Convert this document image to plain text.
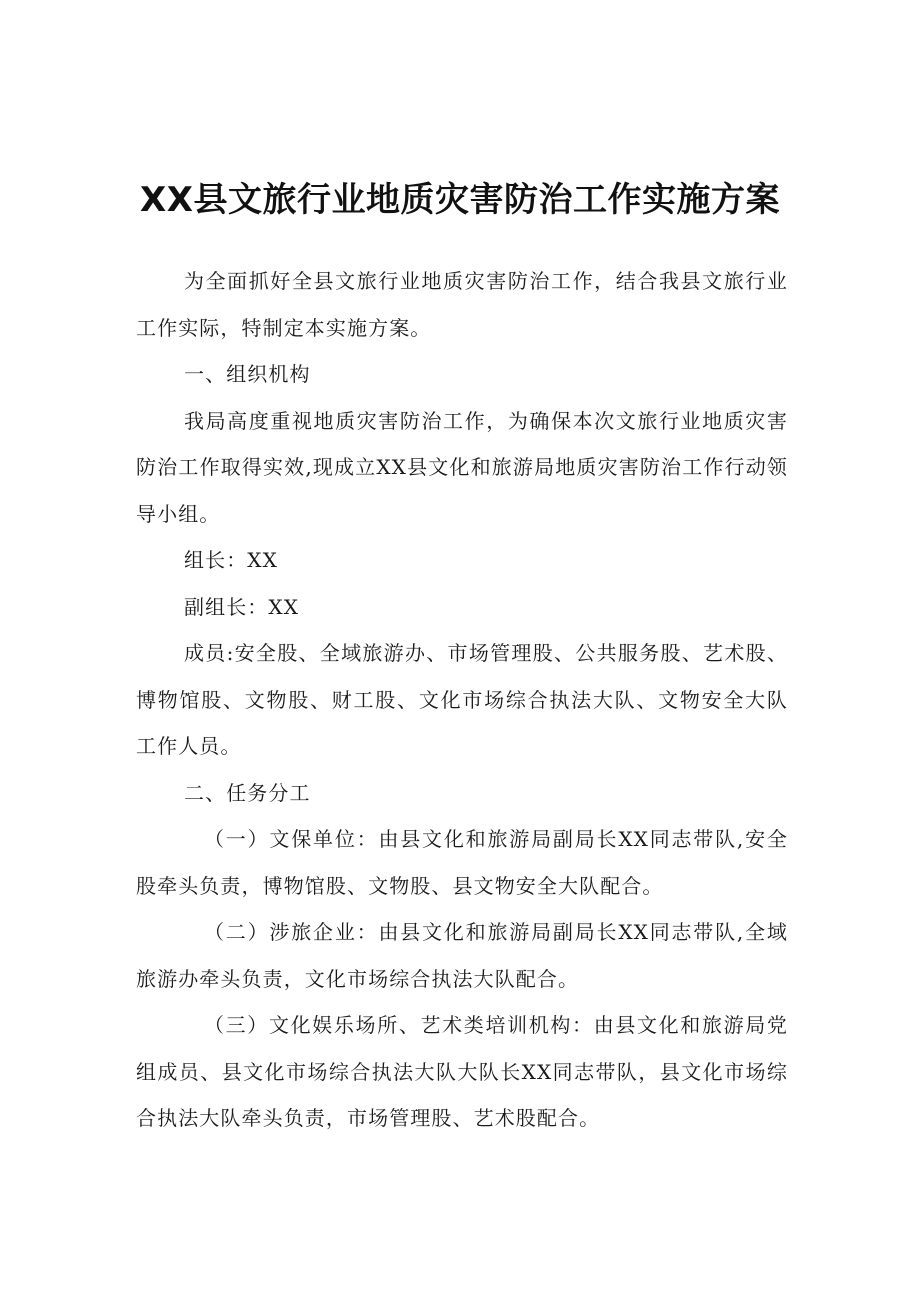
XX县文旅行业地质灾害防治工作实施方案

为全面抓好全县文旅行业地质灾害防治工作，结合我县文旅行业工作实际，特制定本实施方案。

一、组织机构

我局高度重视地质灾害防治工作，为确保本次文旅行业地质灾害防治工作取得实效,现成立XX县文化和旅游局地质灾害防治工作行动领导小组。

组长：XX

副组长：XX

成员:安全股、全域旅游办、市场管理股、公共服务股、艺术股、博物馆股、文物股、财工股、文化市场综合执法大队、文物安全大队工作人员。

二、任务分工

（一）文保单位：由县文化和旅游局副局长XX同志带队,安全股牵头负责，博物馆股、文物股、县文物安全大队配合。

（二）涉旅企业：由县文化和旅游局副局长XX同志带队,全域旅游办牵头负责，文化市场综合执法大队配合。

（三）文化娱乐场所、艺术类培训机构：由县文化和旅游局党组成员、县文化市场综合执法大队大队长XX同志带队，县文化市场综合执法大队牵头负责，市场管理股、艺术股配合。
